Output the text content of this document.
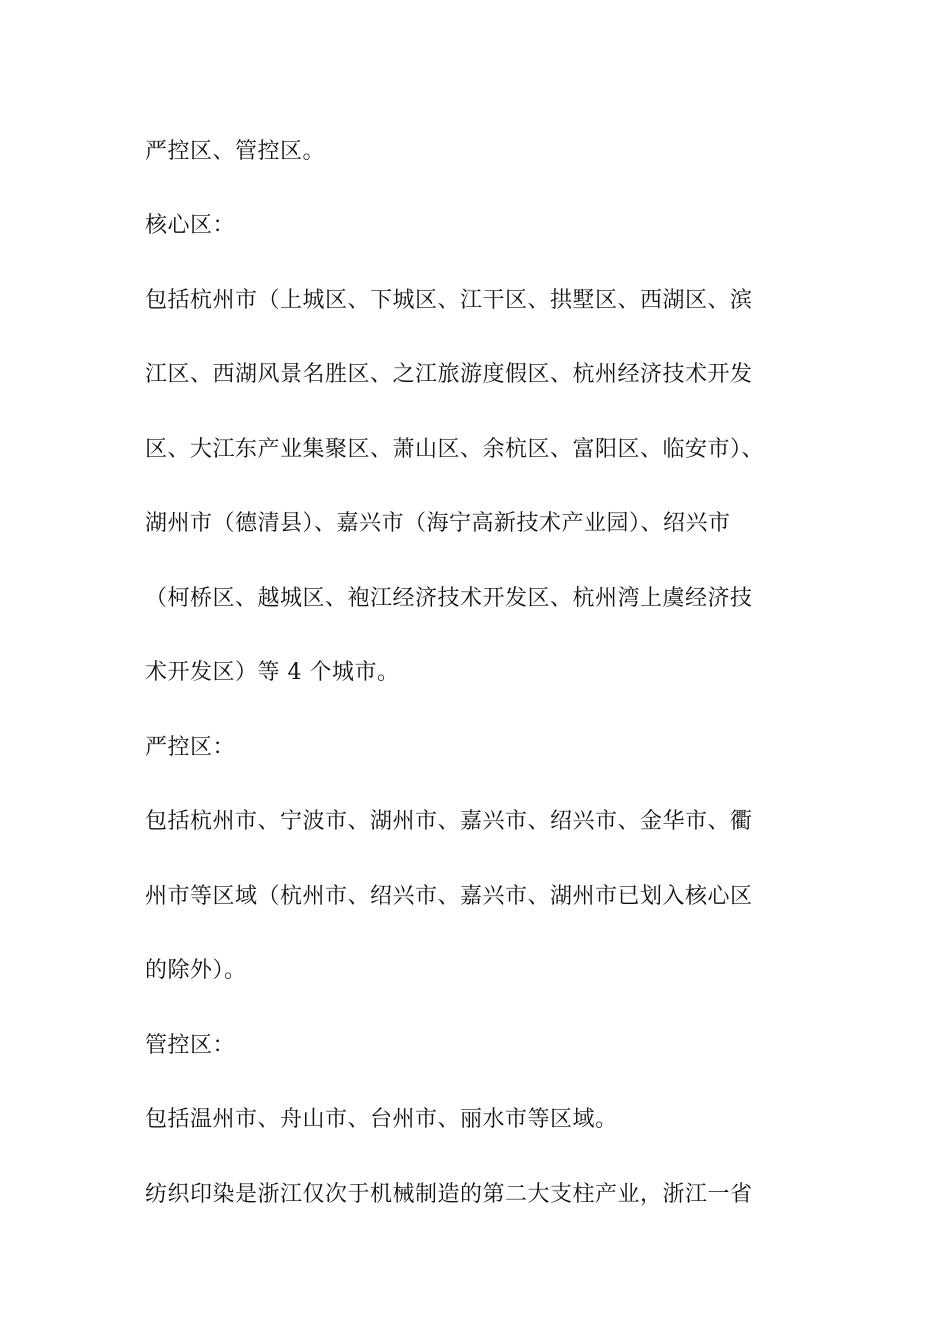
严控区、管控区。

核心区：

包括杭州市（上城区、下城区、江干区、拱墅区、西湖区、滨

江区、西湖风景名胜区、之江旅游度假区、杭州经济技术开发

区、大江东产业集聚区、萧山区、余杭区、富阳区、临安市）、

湖州市（德清县）、嘉兴市（海宁高新技术产业园）、绍兴市

（柯桥区、越城区、袍江经济技术开发区、杭州湾上虞经济技

术开发区）等 4 个城市。

严控区：

包括杭州市、宁波市、湖州市、嘉兴市、绍兴市、金华市、衢

州市等区域（杭州市、绍兴市、嘉兴市、湖州市已划入核心区

的除外）。

管控区：

包括温州市、舟山市、台州市、丽水市等区域。

纺织印染是浙江仅次于机械制造的第二大支柱产业，浙江一省
